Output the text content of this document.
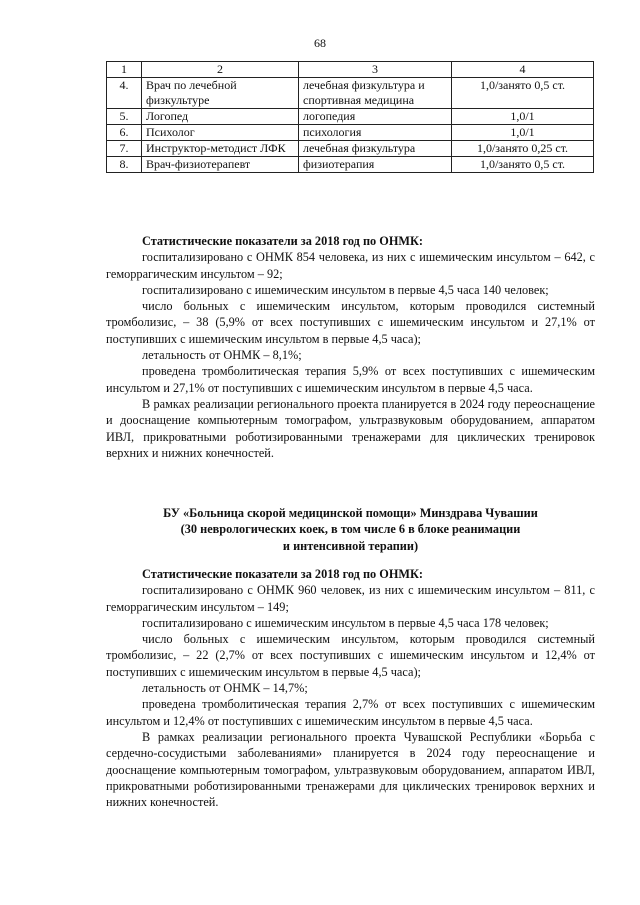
68
1	2	3	4
4.	Врач по лечебной физкультуре	лечебная физкультура и спортивная медицина	1,0/занято 0,5 ст.
5.	Логопед	логопедия	1,0/1
6.	Психолог	психология	1,0/1
7.	Инструктор-методист ЛФК	лечебная физкультура	1,0/занято 0,25 ст.
8.	Врач-физиотерапевт	физиотерапия	1,0/занято 0,5 ст.

Статистические показатели за 2018 год по ОНМК:

госпитализировано с ОНМК 854 человека, из них с ишемическим инсультом – 642, с геморрагическим инсультом – 92;

госпитализировано с ишемическим инсультом в первые 4,5 часа 140 человек;

число больных с ишемическим инсультом, которым проводился системный тромболизис, – 38 (5,9% от всех поступивших с ишемическим инсультом и 27,1% от поступивших с ишемическим инсультом в первые 4,5 часа);

летальность от ОНМК – 8,1%;

проведена тромболитическая терапия 5,9% от всех поступивших с ишемическим инсультом и 27,1% от поступивших с ишемическим инсультом в первые 4,5 часа.

В рамках реализации регионального проекта планируется в 2024 году переоснащение и дооснащение компьютерным томографом, ультразвуковым оборудованием, аппаратом ИВЛ, прикроватными роботизированными тренажерами для циклических тренировок верхних и нижних конечностей.

БУ «Больница скорой медицинской помощи» Минздрава Чувашии
(30 неврологических коек, в том числе 6 в блоке реанимации
и интенсивной терапии)

Статистические показатели за 2018 год по ОНМК:

госпитализировано с ОНМК 960 человек, из них с ишемическим инсультом – 811, с геморрагическим инсультом – 149;

госпитализировано с ишемическим инсультом в первые 4,5 часа 178 человек;

число больных с ишемическим инсультом, которым проводился системный тромболизис, – 22 (2,7% от всех поступивших с ишемическим инсультом и 12,4% от поступивших с ишемическим инсультом в первые 4,5 часа);

летальность от ОНМК – 14,7%;

проведена тромболитическая терапия 2,7% от всех поступивших с ишемическим инсультом и 12,4% от поступивших с ишемическим инсультом в первые 4,5 часа.

В рамках реализации регионального проекта Чувашской Республики «Борьба с сердечно-сосудистыми заболеваниями» планируется в 2024 году переоснащение и дооснащение компьютерным томографом, ультразвуковым оборудованием, аппаратом ИВЛ, прикроватными роботизированными тренажерами для циклических тренировок верхних и нижних конечностей.
